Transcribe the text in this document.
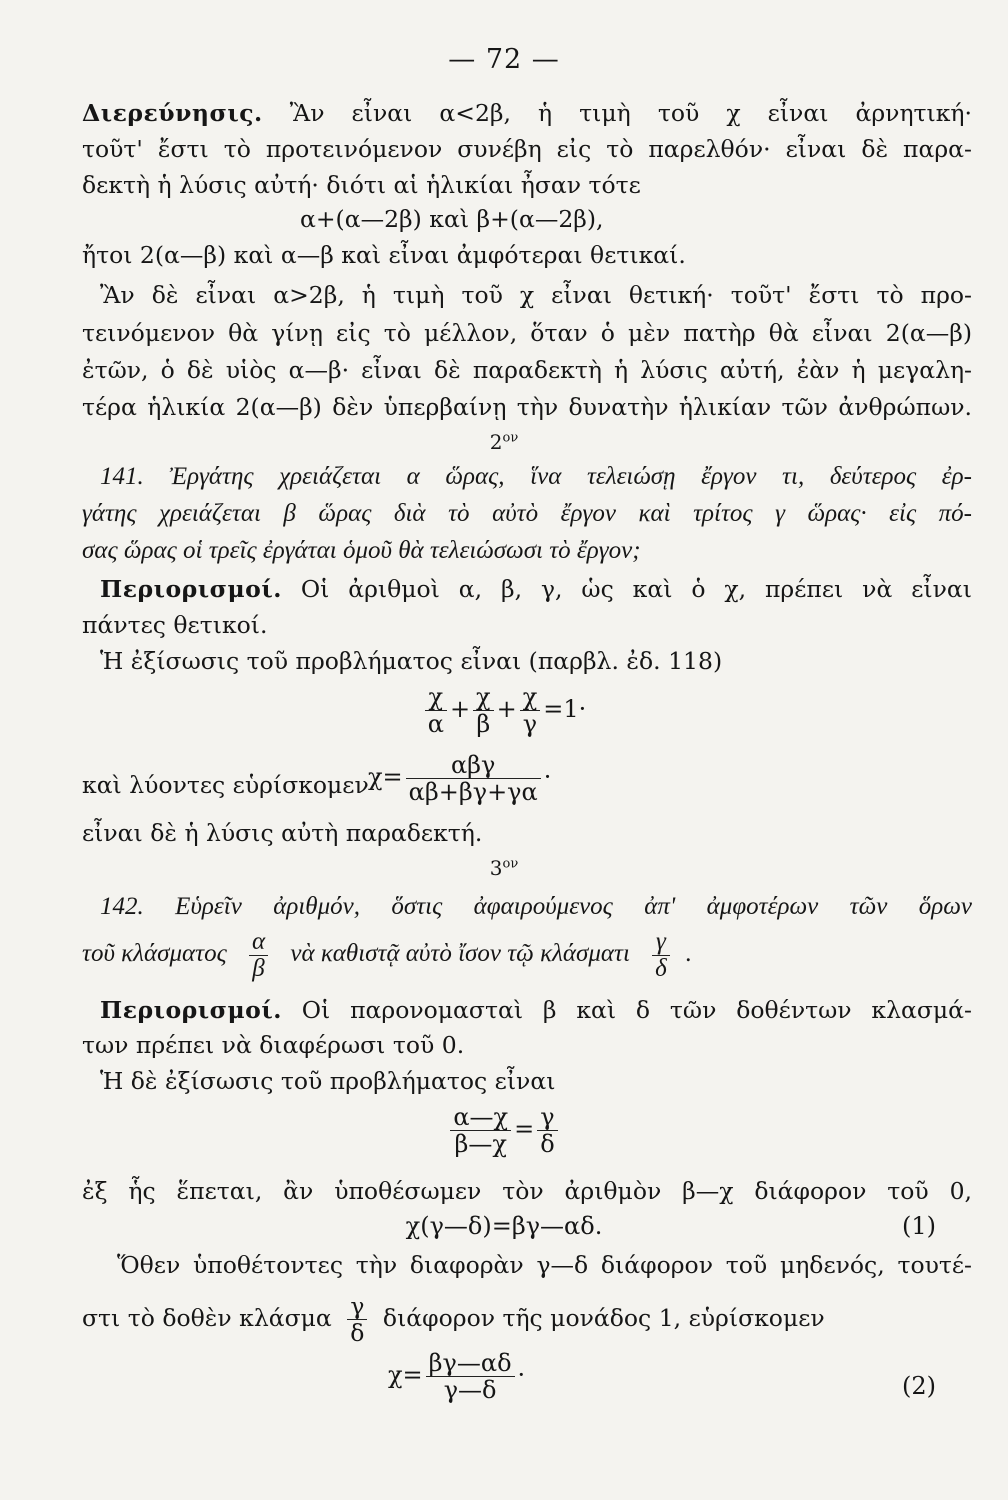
— 72 —
Διερεύνησις. Ἂν εἶναι α<2β, ἡ τιμὴ τοῦ χ εἶναι ἀρνητική·
τοῦτ' ἔστι τὸ προτεινόμενον συνέβη εἰς τὸ παρελθόν· εἶναι δὲ παρα-
δεκτὴ ἡ λύσις αὐτή· διότι αἱ ἡλικίαι ἦσαν τότε
α+(α—2β) καὶ β+(α—2β),
ἤτοι 2(α—β) καὶ α—β καὶ εἶναι ἀμφότεραι θετικαί.
Ἂν δὲ εἶναι α>2β, ἡ τιμὴ τοῦ χ εἶναι θετική· τοῦτ' ἔστι τὸ προ-
τεινόμενον θὰ γίνῃ εἰς τὸ μέλλον, ὅταν ὁ μὲν πατὴρ θὰ εἶναι 2(α—β)
ἐτῶν, ὁ δὲ υἱὸς α—β· εἶναι δὲ παραδεκτὴ ἡ λύσις αὐτή, ἐὰν ἡ μεγαλη-
τέρα ἡλικία 2(α—β) δὲν ὑπερβαίνῃ τὴν δυνατὴν ἡλικίαν τῶν ἀνθρώπων.
$2^{o\nu}$
141. Ἐργάτης χρειάζεται α ὥρας, ἵνα τελειώσῃ ἔργον τι, δεύτερος ἐρ-
γάτης χρειάζεται β ὥρας διὰ τὸ αὐτὸ ἔργον καὶ τρίτος γ ὥρας· εἰς πό-
σας ὥρας οἱ τρεῖς ἐργάται ὁμοῦ θὰ τελειώσωσι τὸ ἔργον;
Περιορισμοί. Οἱ ἀριθμοὶ α, β, γ, ὡς καὶ ὁ χ, πρέπει νὰ εἶναι
πάντες θετικοί.
Ἡ ἐξίσωσις τοῦ προβλήματος εἶναι (παρβλ. ἐδ. 118)
$\frac{\chi}{\alpha} + \frac{\chi}{\beta} + \frac{\chi}{\gamma} =1\cdot$
καὶ λύοντες εὑρίσκομεν $\chi= \frac{\text{αβγ}}{\alpha\beta+\beta\gamma+\gamma\alpha}$ ·
εἶναι δὲ ἡ λύσις αὐτὴ παραδεκτή.
$3^{o\nu}$
142. Εὑρεῖν ἀριθμόν, ὅστις ἀφαιρούμενος ἀπ' ἀμφοτέρων τῶν ὅρων
τοῦ κλάσματος $\frac{\alpha}{\beta}$ νὰ καθιστᾷ αὐτὸ ἴσον τῷ κλάσματι $\frac{\gamma}{\delta}$ .
Περιορισμοί. Οἱ παρονομασταὶ β καὶ δ τῶν δοθέντων κλασμά-
των πρέπει νὰ διαφέρωσι τοῦ 0.
Ἡ δὲ ἐξίσωσις τοῦ προβλήματος εἶναι
$\frac{\alpha—\chi}{\beta—\chi} = \frac{\gamma}{\delta}$
ἐξ ἧς ἕπεται, ἂν ὑποθέσωμεν τὸν ἀριθμὸν β—χ διάφορον τοῦ 0,
χ(γ—δ)=βγ—αδ.	(1)
Ὅθεν ὑποθέτοντες τὴν διαφορὰν γ—δ διάφορον τοῦ μηδενός, τουτέ-
στι τὸ δοθὲν κλάσμα $\frac{\gamma}{\delta}$ διάφορον τῆς μονάδος 1, εὑρίσκομεν
$\chi= \frac{\beta\gamma—\alpha\delta}{\gamma—\delta}$ ·	(2)
